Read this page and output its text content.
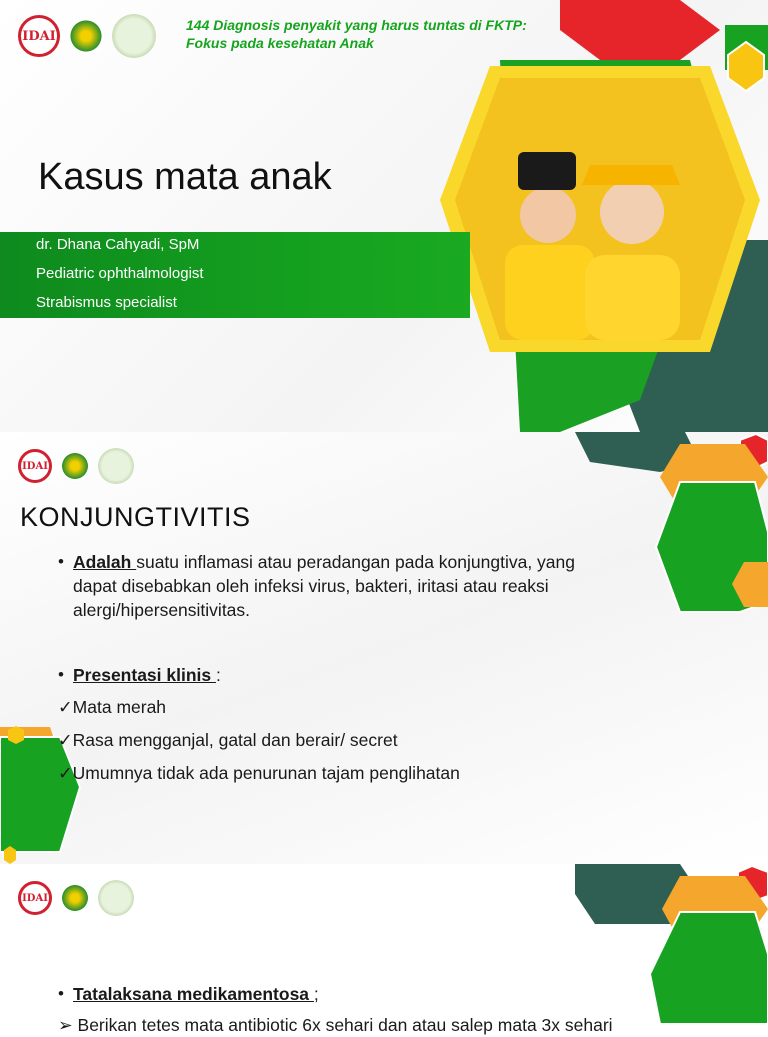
IDAI
144 Diagnosis penyakit yang harus tuntas di FKTP:
Fokus pada kesehatan Anak
Kasus mata anak
dr. Dhana Cahyadi, SpM
Pediatric ophthalmologist
Strabismus specialist
IDAI
KONJUNGTIVITIS
• Adalah suatu inflamasi atau peradangan pada konjungtiva, yang
dapat disebabkan oleh infeksi virus, bakteri, iritasi atau reaksi
alergi/hipersensitivitas.
• Presentasi klinis :
✓Mata merah
✓Rasa mengganjal, gatal dan berair/ secret
✓Umumnya tidak ada penurunan tajam penglihatan
IDAI
• Tatalaksana medikamentosa ;
➢ Berikan tetes mata antibiotic 6x sehari dan atau salep mata 3x sehari
